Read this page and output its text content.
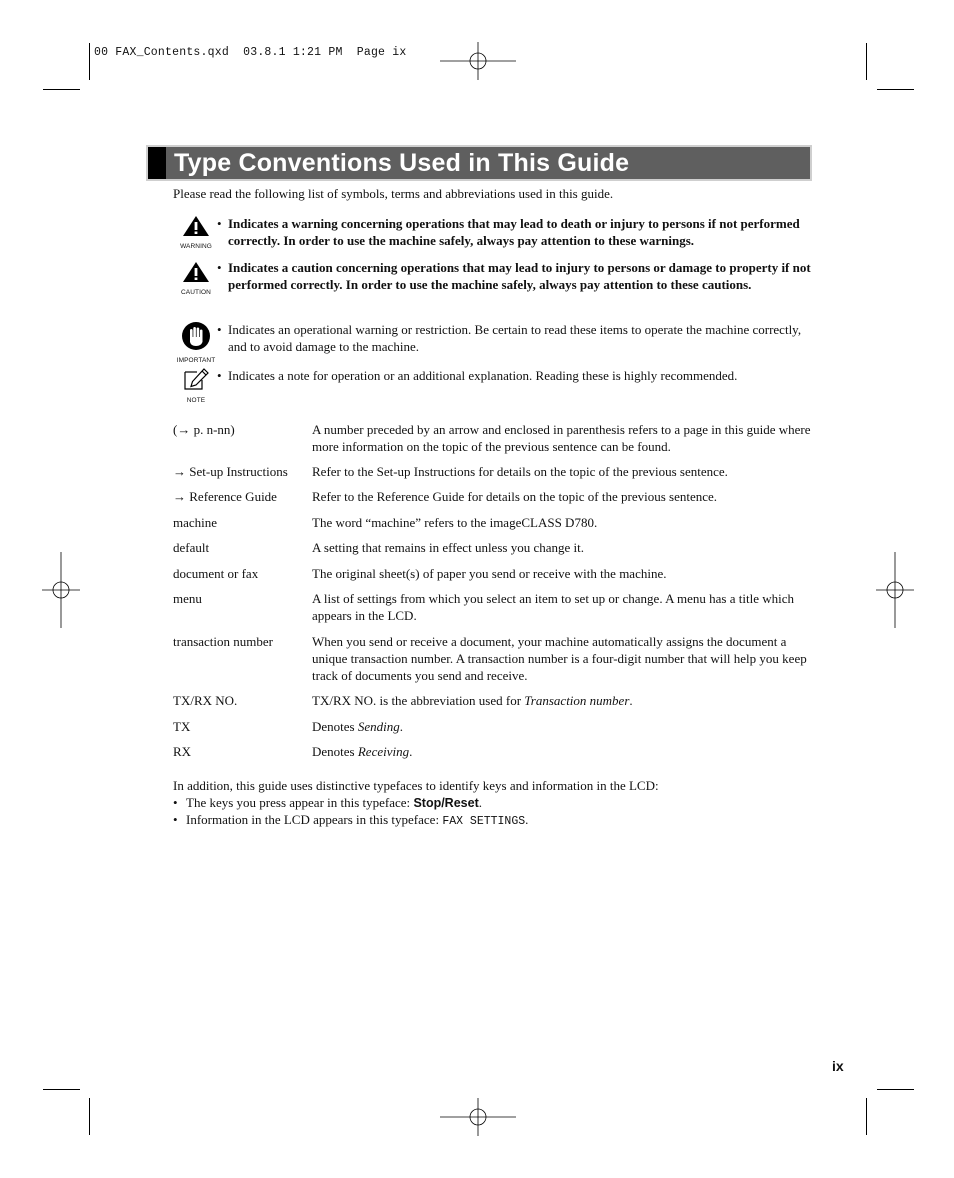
00 FAX_Contents.qxd  03.8.1 1:21 PM  Page ix
Type Conventions Used in This Guide
Please read the following list of symbols, terms and abbreviations used in this guide.
WARNING
• Indicates a warning concerning operations that may lead to death or injury to persons if not performed correctly. In order to use the machine safely, always pay attention to these warnings.
CAUTION
• Indicates a caution concerning operations that may lead to injury to persons or damage to property if not performed correctly. In order to use the machine safely, always pay attention to these cautions.
IMPORTANT
• Indicates an operational warning or restriction. Be certain to read these items to operate the machine correctly, and to avoid damage to the machine.
NOTE
• Indicates a note for operation or an additional explanation. Reading these is highly recommended.
(→ p. n-nn)	A number preceded by an arrow and enclosed in parenthesis refers to a page in this guide where more information on the topic of the previous sentence can be found.
→ Set-up Instructions	Refer to the Set-up Instructions for details on the topic of the previous sentence.
→ Reference Guide	Refer to the Reference Guide for details on the topic of the previous sentence.
machine	The word “machine” refers to the imageCLASS D780.
default	A setting that remains in effect unless you change it.
document or fax	The original sheet(s) of paper you send or receive with the machine.
menu	A list of settings from which you select an item to set up or change. A menu has a title which appears in the LCD.
transaction number	When you send or receive a document, your machine automatically assigns the document a unique transaction number. A transaction number is a four-digit number that will help you keep track of documents you send and receive.
TX/RX NO.	TX/RX NO. is the abbreviation used for Transaction number.
TX	Denotes Sending.
RX	Denotes Receiving.
In addition, this guide uses distinctive typefaces to identify keys and information in the LCD:
• The keys you press appear in this typeface: Stop/Reset.
• Information in the LCD appears in this typeface: FAX SETTINGS.
ix
